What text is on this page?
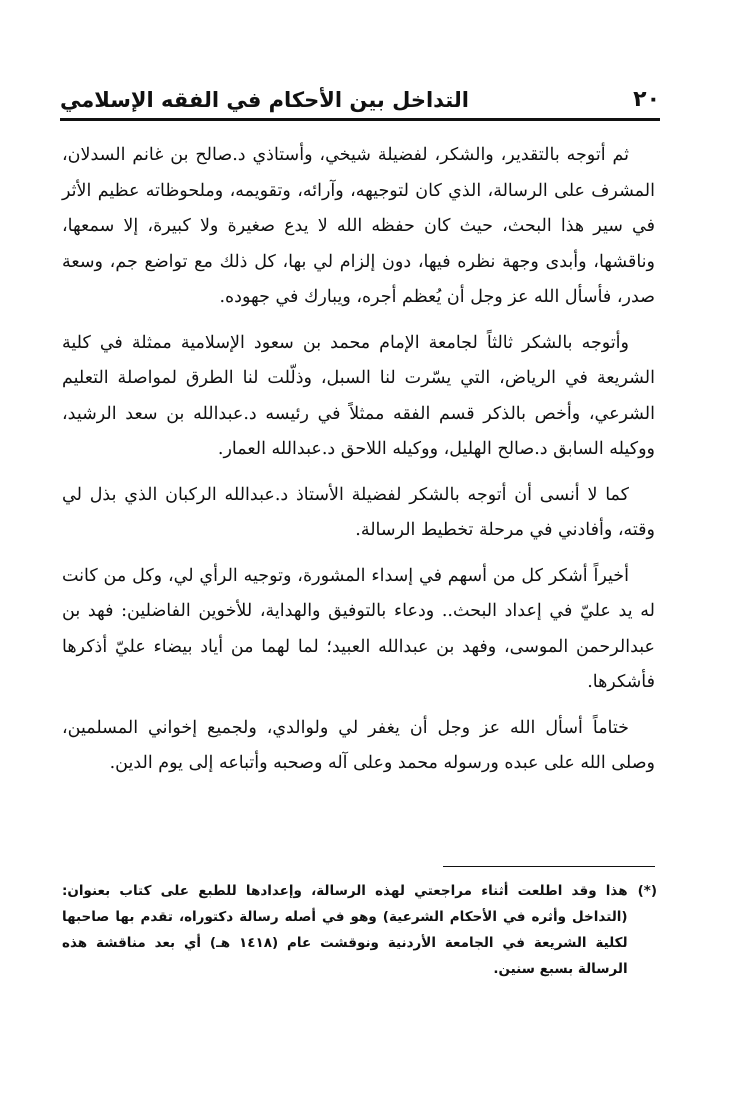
٢٠
التداخل بين الأحكام في الفقه الإسلامي

ثم أتوجه بالتقدير، والشكر، لفضيلة شيخي، وأستاذي د.صالح بن غانم السدلان، المشرف على الرسالة، الذي كان لتوجيهه، وآرائه، وتقويمه، وملحوظاته عظيم الأثر في سير هذا البحث، حيث كان حفظه الله لا يدع صغيرة ولا كبيرة، إلا سمعها، وناقشها، وأبدى وجهة نظره فيها، دون إلزام لي بها، كل ذلك مع تواضع جم، وسعة صدر، فأسأل الله عز وجل أن يُعظم أجره، ويبارك في جهوده.

وأتوجه بالشكر ثالثاً لجامعة الإمام محمد بن سعود الإسلامية ممثلة في كلية الشريعة في الرياض، التي يسّرت لنا السبل، وذلّلت لنا الطرق لمواصلة التعليم الشرعي، وأخص بالذكر قسم الفقه ممثلاً في رئيسه د.عبدالله بن سعد الرشيد، ووكيله السابق د.صالح الهليل، ووكيله اللاحق د.عبدالله العمار.

كما لا أنسى أن أتوجه بالشكر لفضيلة الأستاذ د.عبدالله الركبان الذي بذل لي وقته، وأفادني في مرحلة تخطيط الرسالة.

أخيراً أشكر كل من أسهم في إسداء المشورة، وتوجيه الرأي لي، وكل من كانت له يد عليّ في إعداد البحث.. ودعاء بالتوفيق والهداية، للأخوين الفاضلين: فهد بن عبدالرحمن الموسى، وفهد بن عبدالله العبيد؛ لما لهما من أياد بيضاء عليّ أذكرها فأشكرها.

ختاماً أسأل الله عز وجل أن يغفر لي ولوالدي، ولجميع إخواني المسلمين، وصلى الله على عبده ورسوله محمد وعلى آله وصحبه وأتباعه إلى يوم الدين.

(*)
هذا وقد اطلعت أثناء مراجعتي لهذه الرسالة، وإعدادها للطبع على كتاب بعنوان: (التداخل وأثره في الأحكام الشرعية) وهو في أصله رسالة دكتوراه، تقدم بها صاحبها لكلية الشريعة في الجامعة الأردنية ونوقشت عام (١٤١٨ هـ) أي بعد مناقشة هذه الرسالة بسبع سنين.
